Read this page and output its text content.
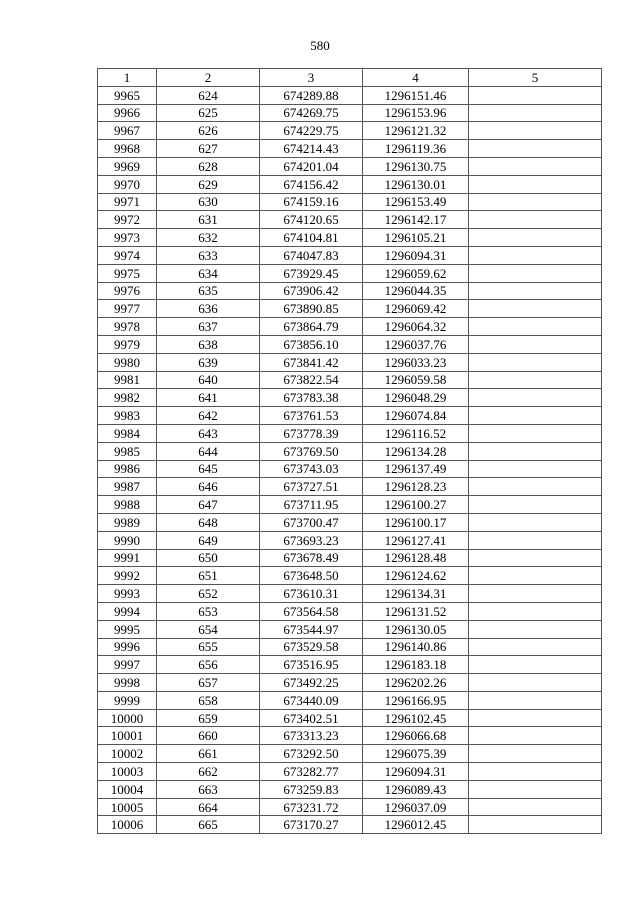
580
1	2	3	4	5
9965	624	674289.88	1296151.46	
9966	625	674269.75	1296153.96	
9967	626	674229.75	1296121.32	
9968	627	674214.43	1296119.36	
9969	628	674201.04	1296130.75	
9970	629	674156.42	1296130.01	
9971	630	674159.16	1296153.49	
9972	631	674120.65	1296142.17	
9973	632	674104.81	1296105.21	
9974	633	674047.83	1296094.31	
9975	634	673929.45	1296059.62	
9976	635	673906.42	1296044.35	
9977	636	673890.85	1296069.42	
9978	637	673864.79	1296064.32	
9979	638	673856.10	1296037.76	
9980	639	673841.42	1296033.23	
9981	640	673822.54	1296059.58	
9982	641	673783.38	1296048.29	
9983	642	673761.53	1296074.84	
9984	643	673778.39	1296116.52	
9985	644	673769.50	1296134.28	
9986	645	673743.03	1296137.49	
9987	646	673727.51	1296128.23	
9988	647	673711.95	1296100.27	
9989	648	673700.47	1296100.17	
9990	649	673693.23	1296127.41	
9991	650	673678.49	1296128.48	
9992	651	673648.50	1296124.62	
9993	652	673610.31	1296134.31	
9994	653	673564.58	1296131.52	
9995	654	673544.97	1296130.05	
9996	655	673529.58	1296140.86	
9997	656	673516.95	1296183.18	
9998	657	673492.25	1296202.26	
9999	658	673440.09	1296166.95	
10000	659	673402.51	1296102.45	
10001	660	673313.23	1296066.68	
10002	661	673292.50	1296075.39	
10003	662	673282.77	1296094.31	
10004	663	673259.83	1296089.43	
10005	664	673231.72	1296037.09	
10006	665	673170.27	1296012.45	
